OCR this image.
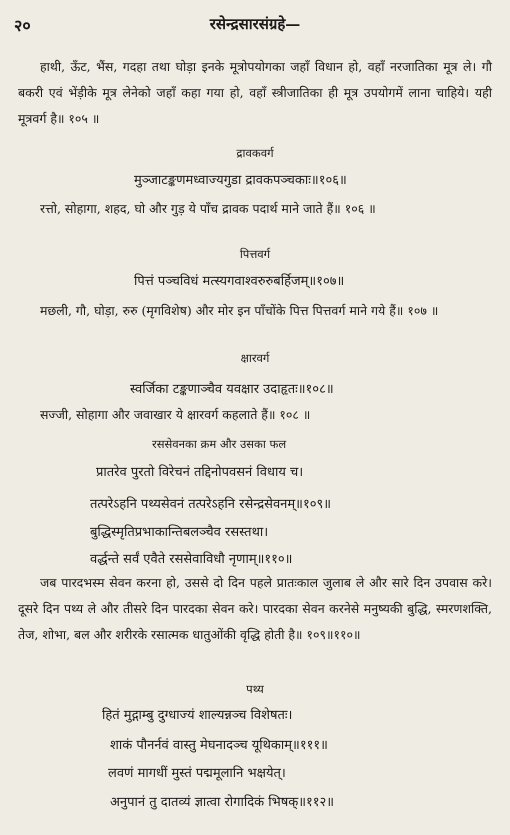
२०	रसेन्द्रसारसंग्रहे—

हाथी, ऊँट, भैंस, गदहा तथा घोड़ा इनके मूत्रोपयोगका जहाँ विधान हो, वहाँ नरजातिका मूत्र ले। गौ बकरी एवं भेंड़ीके मूत्र लेनेको जहाँ कहा गया हो, वहाँ स्त्रीजातिका ही मूत्र उपयोगमें लाना चाहिये। यही मूत्रवर्ग है॥ १०५ ॥

द्रावकवर्ग
मुञ्जाटङ्कणमध्वाज्यगुडा द्रावकपञ्चकाः॥१०६॥

रत्तो, सोहागा, शहद, घो और गुड़ ये पाँच द्रावक पदार्थ माने जाते हैं॥ १०६ ॥

पित्तवर्ग
पित्तं पञ्चविधं मत्स्यगवाश्वरुरुबर्हिजम्॥१०७॥

मछली, गौ, घोड़ा, रुरु (मृगविशेष) और मोर इन पाँचोंके पित्त पित्तवर्ग माने गये हैं॥ १०७ ॥

क्षारवर्ग
स्वर्जिका टङ्कणाञ्चैव यवक्षार उदाहृतः॥१०८॥

सज्जी, सोहागा और जवाखार ये क्षारवर्ग कहलाते हैं॥ १०८ ॥

रससेवनका क्रम और उसका फल
प्रातरेव पुरतो विरेचनं तद्दिनोपवसनं विधाय च।
तत्परेऽहनि पथ्यसेवनं तत्परेऽहनि रसेन्द्रसेवनम्॥१०९॥
बुद्धिस्मृतिप्रभाकान्तिबलञ्चैव रसस्तथा।
वर्द्धन्ते सर्वं एवैते रससेवाविधौ नृणाम्॥११०॥

जब पारदभस्म सेवन करना हो, उससे दो दिन पहले प्रातःकाल जुलाब ले और सारे दिन उपवास करे। दूसरे दिन पथ्य ले और तीसरे दिन पारदका सेवन करे। पारदका सेवन करनेसे मनुष्यकी बुद्धि, स्मरणशक्ति, तेज, शोभा, बल और शरीरके रसात्मक धातुओंकी वृद्धि होती है॥ १०९॥११०॥

पथ्य
हितं मुद्गाम्बु दुग्धाज्यं शाल्यन्नञ्च विशेषतः।
शाकं पौनर्नवं वास्तु मेघनादञ्च यूथिकाम्॥१११॥
लवणं मागधीं मुस्तं पद्ममूलानि भक्षयेत्।
अनुपानं तु दातव्यं ज्ञात्वा रोगादिकं भिषक्॥११२॥
